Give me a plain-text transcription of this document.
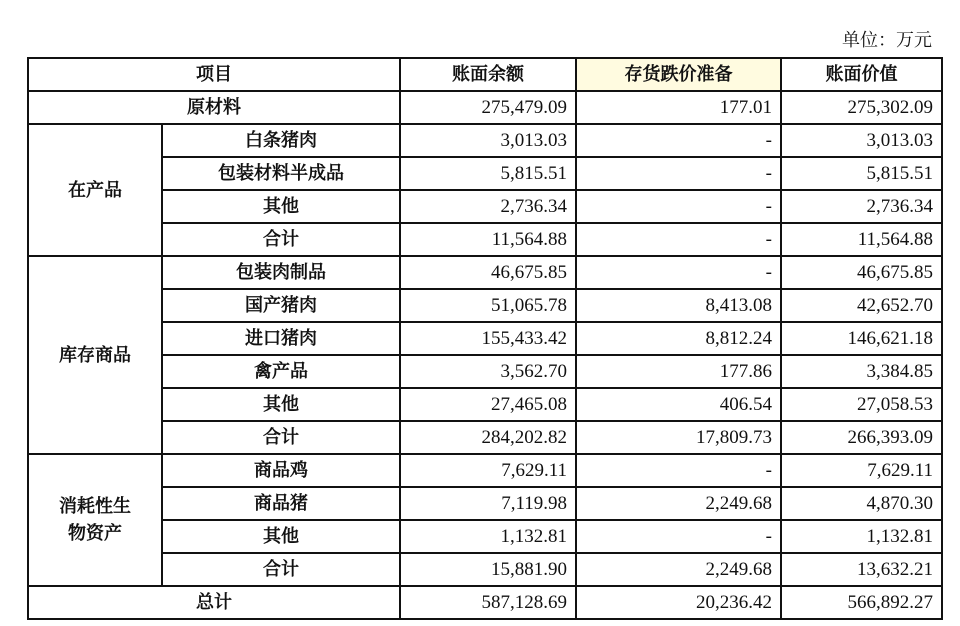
单位：万元
项目		账面余额	存货跌价准备	账面价值
原材料		275,479.09	177.01	275,302.09
在产品	白条猪肉	3,013.03	-	3,013.03
	包装材料半成品	5,815.51	-	5,815.51
	其他	2,736.34	-	2,736.34
	合计	11,564.88	-	11,564.88
库存商品	包装肉制品	46,675.85	-	46,675.85
	国产猪肉	51,065.78	8,413.08	42,652.70
	进口猪肉	155,433.42	8,812.24	146,621.18
	禽产品	3,562.70	177.86	3,384.85
	其他	27,465.08	406.54	27,058.53
	合计	284,202.82	17,809.73	266,393.09
消耗性生
物资产	商品鸡	7,629.11	-	7,629.11
	商品猪	7,119.98	2,249.68	4,870.30
	其他	1,132.81	-	1,132.81
	合计	15,881.90	2,249.68	13,632.21
总计		587,128.69	20,236.42	566,892.27
